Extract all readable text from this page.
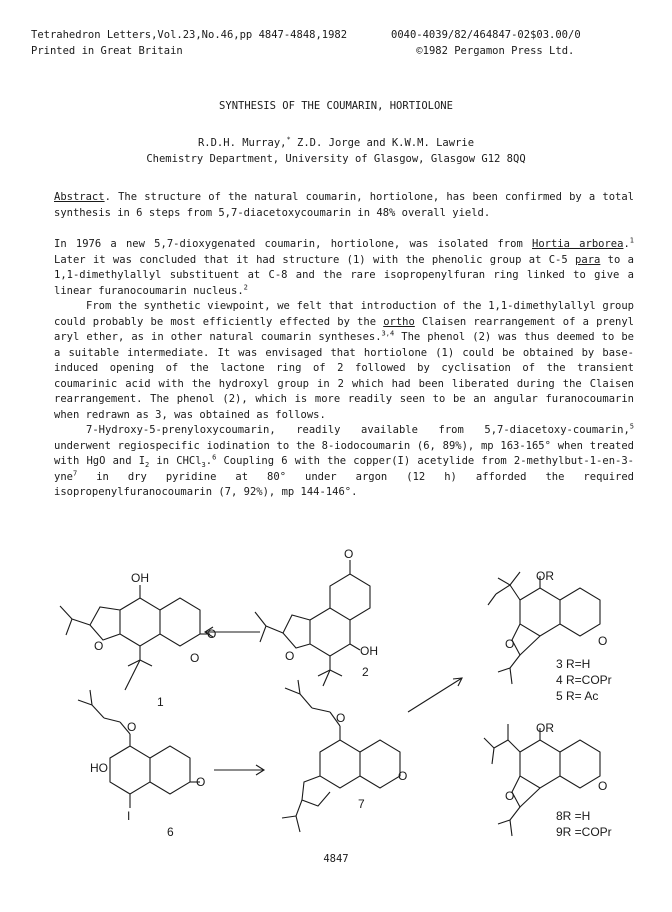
Tetrahedron Letters,Vol.23,No.46,pp 4847-4848,1982
Printed in Great Britain
0040-4039/82/464847-02$03.00/0
©1982 Pergamon Press Ltd.
SYNTHESIS OF THE COUMARIN, HORTIOLONE
R.D.H. Murray,* Z.D. Jorge and K.W.M. Lawrie
Chemistry Department, University of Glasgow, Glasgow G12 8QQ
Abstract. The structure of the natural coumarin, hortiolone, has been confirmed by a total synthesis in 6 steps from 5,7-diacetoxycoumarin in 48% overall yield.

In 1976 a new 5,7-dioxygenated coumarin, hortiolone, was isolated from Hortia arborea.$^1$ Later it was concluded that it had structure (1) with the phenolic group at C-5 para to a 1,1-dimethylallyl substituent at C-8 and the rare isopropenylfuran ring linked to give a linear furanocoumarin nucleus.$^2$

From the synthetic viewpoint, we felt that introduction of the 1,1-dimethylallyl group could probably be most efficiently effected by the ortho Claisen rearrangement of a prenyl aryl ether, as in other natural coumarin syntheses.$^{3,4}$ The phenol (2) was thus deemed to be a suitable intermediate. It was envisaged that hortiolone (1) could be obtained by base-induced opening of the lactone ring of 2 followed by cyclisation of the transient coumarinic acid with the hydroxyl group in 2 which had been liberated during the Claisen rearrangement. The phenol (2), which is more readily seen to be an angular furanocoumarin when redrawn as 3, was obtained as follows.

7-Hydroxy-5-prenyloxycoumarin, readily available from 5,7-diacetoxy-coumarin,$^5$ underwent regiospecific iodination to the 8-iodocoumarin (6, 89%), mp 163-165° when treated with HgO and $I_2$ in CHCl$_3$.$^6$ Coupling 6 with the copper(I) acetylide from 2-methylbut-1-en-3-yne$^7$ in dry pyridine at 80° under argon (12 h) afforded the required isopropenylfuranocoumarin (7, 92%), mp 144-146°.

OH
O
O
O
1
O
OH
O
2
OR
O	O
3 R=H
4 R=COPr
5 R= Ac
HO
O
I
O
6
O
O
7
OR
O
O
8R =H
9R =COPr
4847
